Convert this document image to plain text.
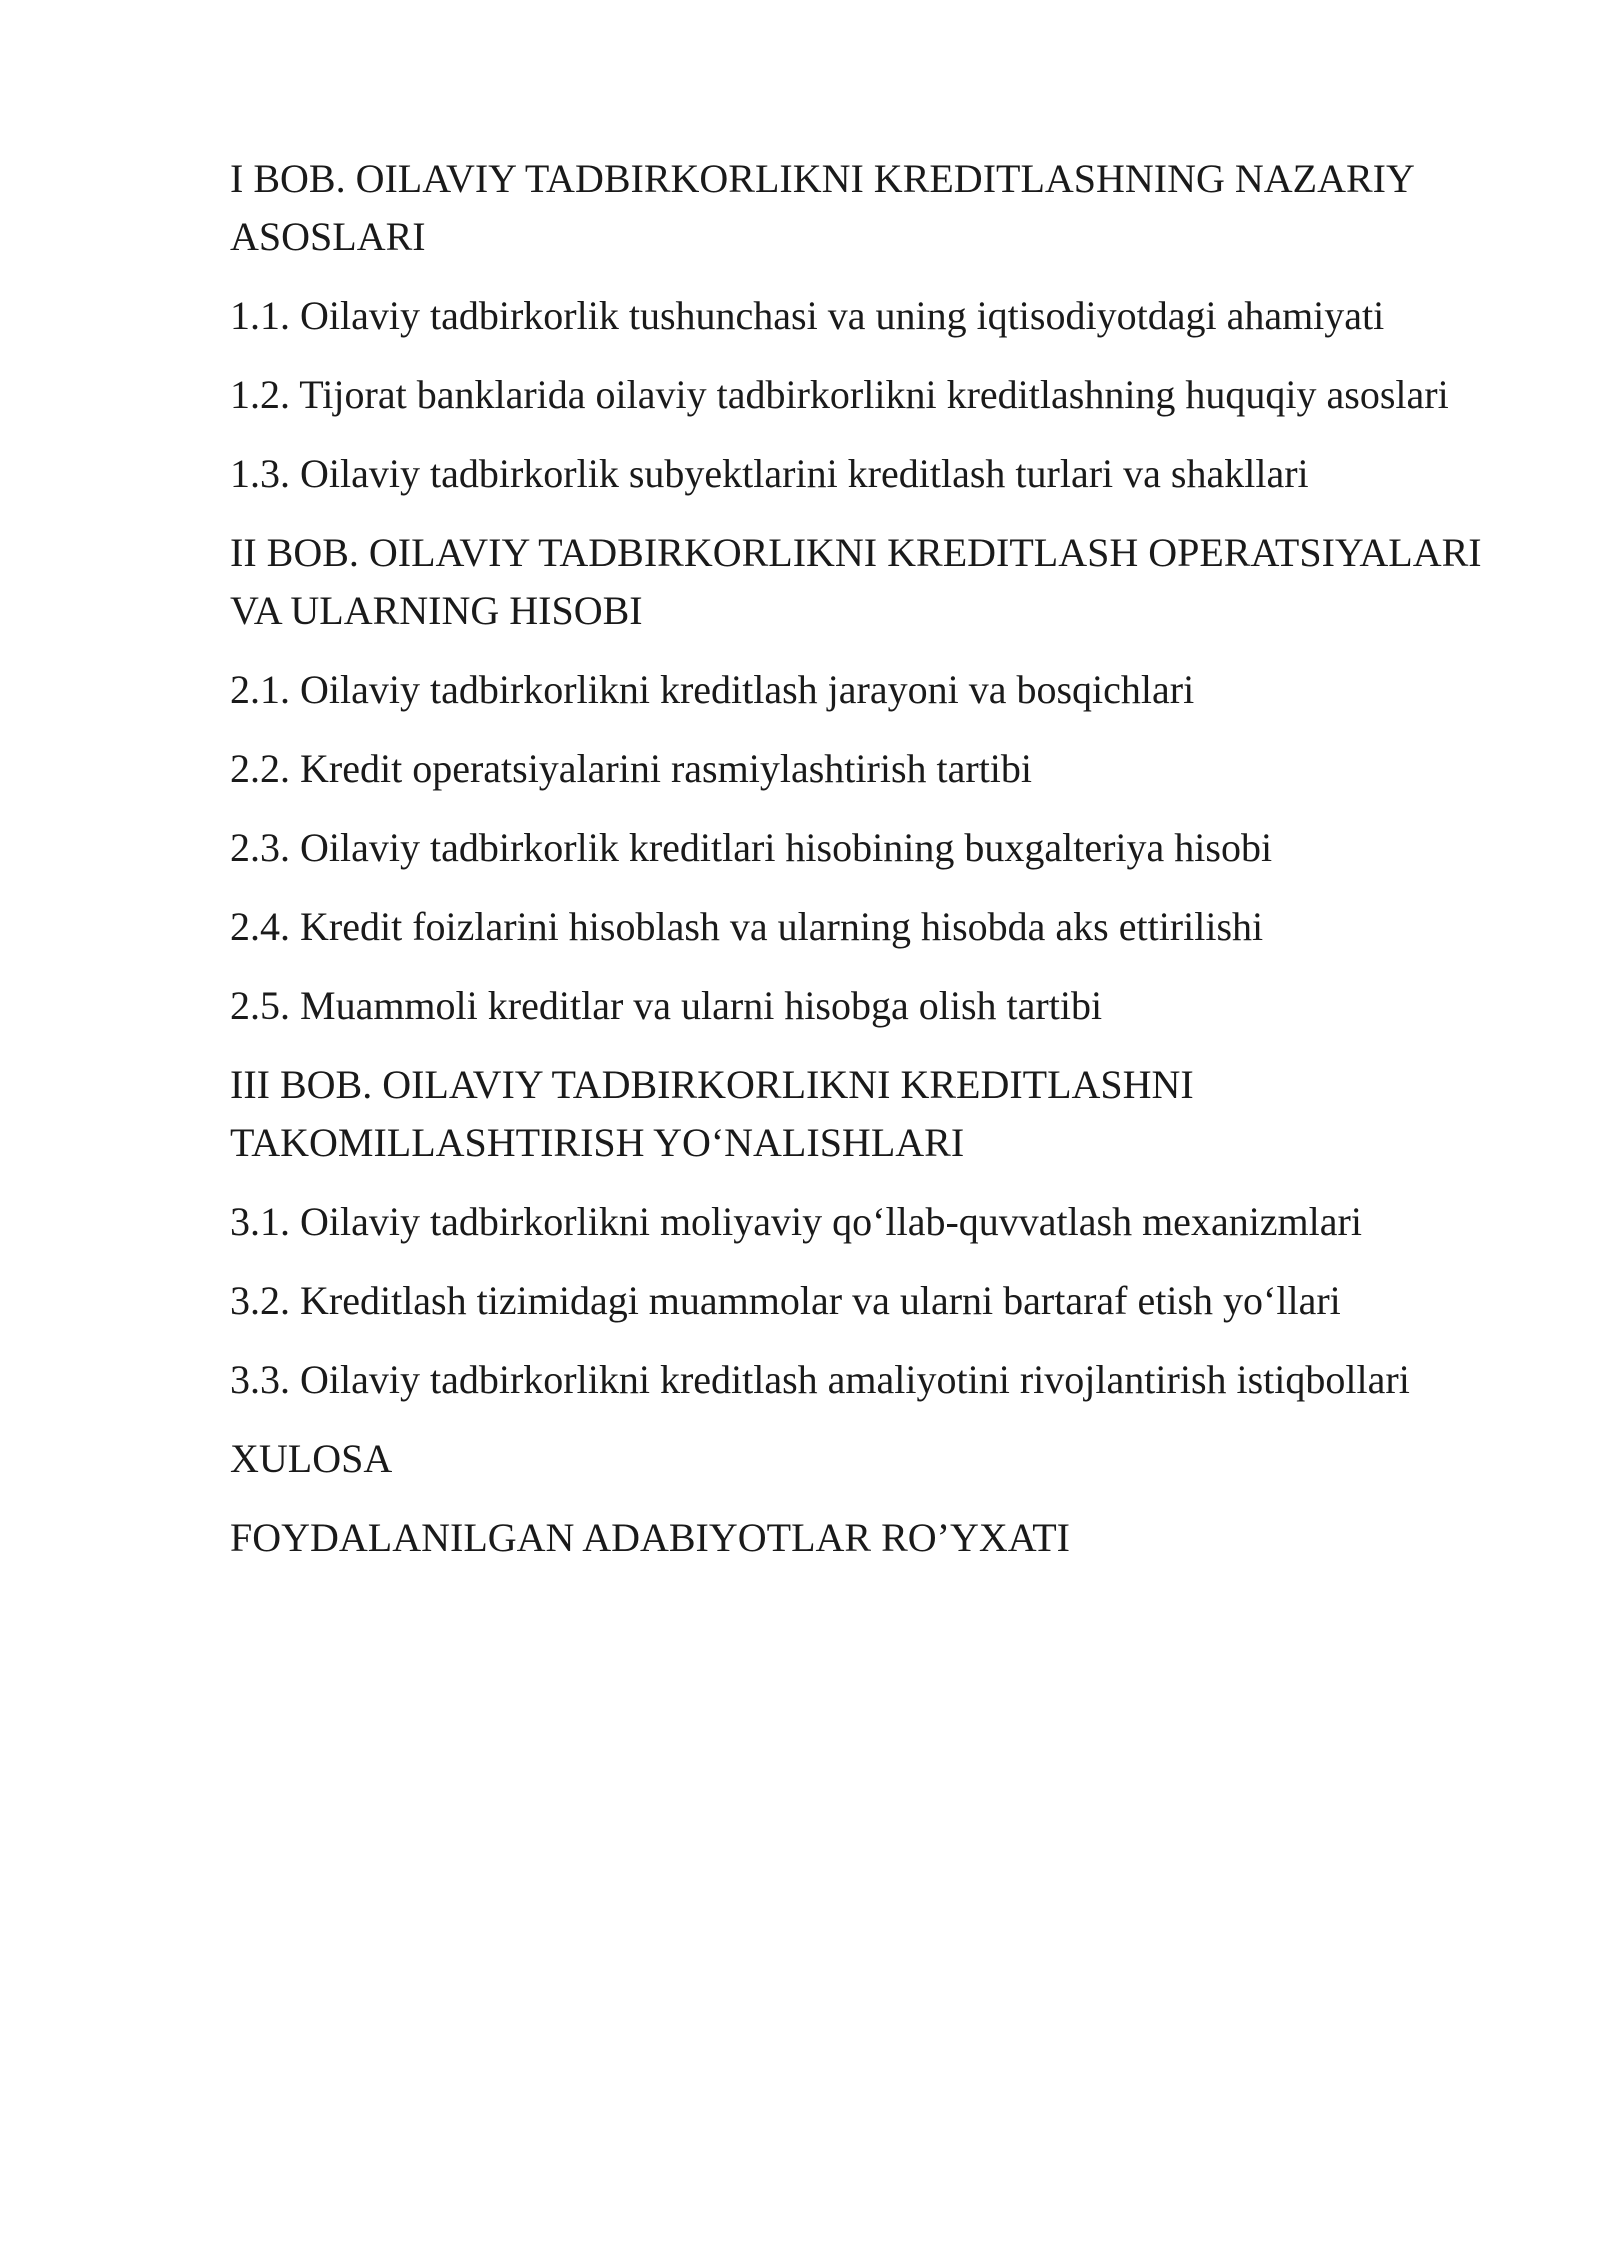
I BOB. OILAVIY TADBIRKORLIKNI KREDITLASHNING NAZARIY ASOSLARI

1.1. Oilaviy tadbirkorlik tushunchasi va uning iqtisodiyotdagi ahamiyati

1.2. Tijorat banklarida oilaviy tadbirkorlikni kreditlashning huquqiy asoslari

1.3. Oilaviy tadbirkorlik subyektlarini kreditlash turlari va shakllari

II BOB. OILAVIY TADBIRKORLIKNI KREDITLASH OPERATSIYALARI VA ULARNING HISOBI

2.1. Oilaviy tadbirkorlikni kreditlash jarayoni va bosqichlari

2.2. Kredit operatsiyalarini rasmiylashtirish tartibi

2.3. Oilaviy tadbirkorlik kreditlari hisobining buxgalteriya hisobi

2.4. Kredit foizlarini hisoblash va ularning hisobda aks ettirilishi

2.5. Muammoli kreditlar va ularni hisobga olish tartibi

III BOB. OILAVIY TADBIRKORLIKNI KREDITLASHNI TAKOMILLASHTIRISH YO‘NALISHLARI

3.1. Oilaviy tadbirkorlikni moliyaviy qo‘llab-quvvatlash mexanizmlari

3.2. Kreditlash tizimidagi muammolar va ularni bartaraf etish yo‘llari

3.3. Oilaviy tadbirkorlikni kreditlash amaliyotini rivojlantirish istiqbollari

XULOSA

FOYDALANILGAN ADABIYOTLAR RO’YXATI
